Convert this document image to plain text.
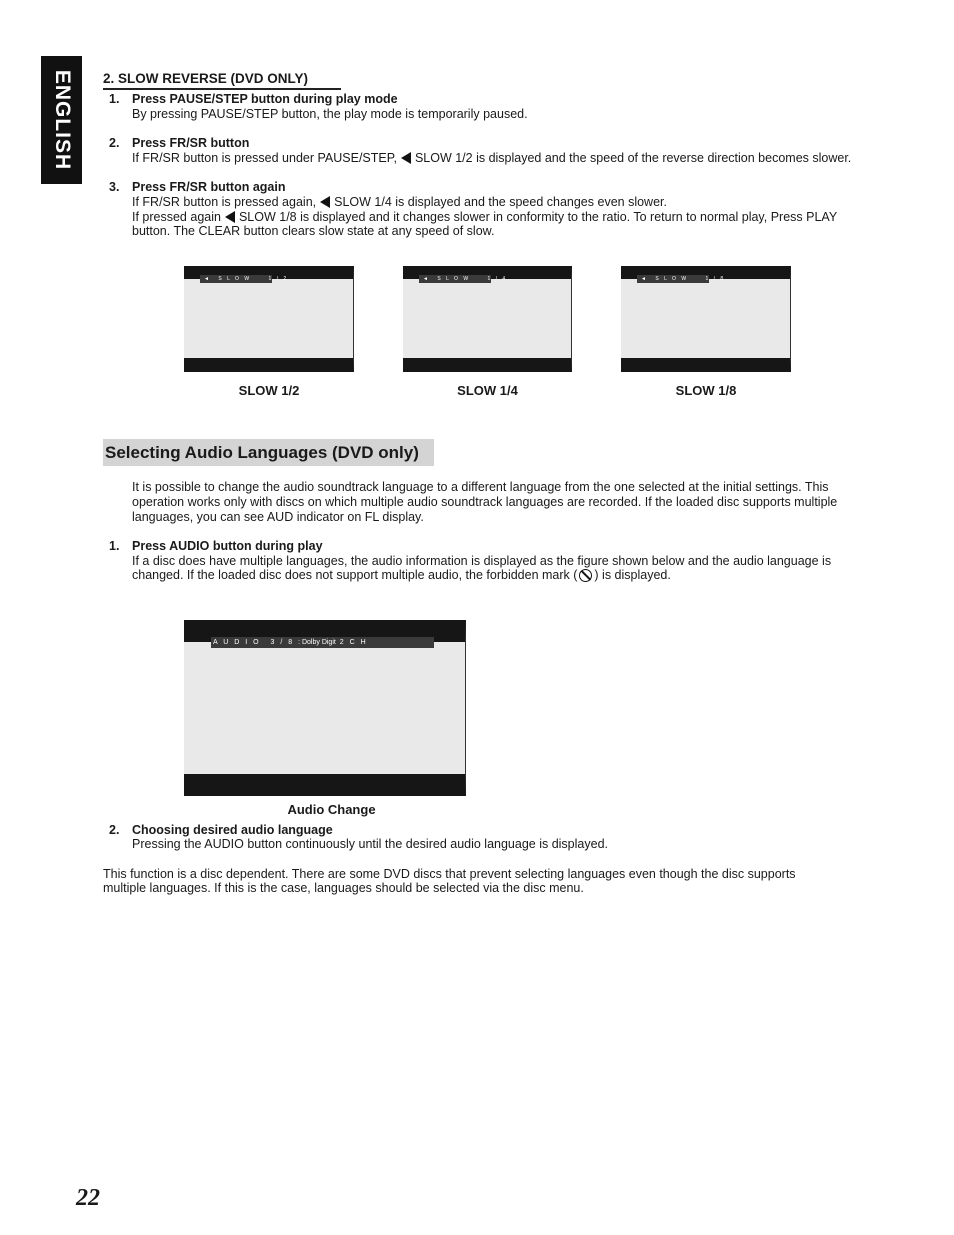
ENGLISH 2. SLOW REVERSE (DVD ONLY)
1. Press PAUSE/STEP button during play mode
By pressing PAUSE/STEP button, the play mode is temporarily paused.
2. Press FR/SR button
If FR/SR button is pressed under PAUSE/STEP, SLOW 1/2 is displayed and the speed of the reverse direction becomes slower.
3. Press FR/SR button again
If FR/SR button is pressed again, SLOW 1/4 is displayed and the speed changes even slower.
If pressed again SLOW 1/8 is displayed and it changes slower in conformity to the ratio. To return to normal play, Press PLAY
button. The CLEAR button clears slow state at any speed of slow.
◄ S L O W	1 / 2	◄ S L O W	1 / 4	◄ S L O W	1 / 8
SLOW 1/2	SLOW 1/4	SLOW 1/8
Selecting Audio Languages (DVD only)
It is possible to change the audio soundtrack language to a different language from the one selected at the initial settings. This
operation works only with discs on which multiple audio soundtrack languages are recorded. If the loaded disc supports multiple
languages, you can see AUD indicator on FL display.
1. Press AUDIO button during play
If a disc does have multiple languages, the audio information is displayed as the figure shown below and the audio language is
changed. If the loaded disc does not support multiple audio, the forbidden mark ( ) is displayed.
A U D I O 3 / 8 : Dolby Digit 2 C H
Audio Change
2. Choosing desired audio language
Pressing the AUDIO button continuously until the desired audio language is displayed.
This function is a disc dependent. There are some DVD discs that prevent selecting languages even though the disc supports
multiple languages. If this is the case, languages should be selected via the disc menu.
22
